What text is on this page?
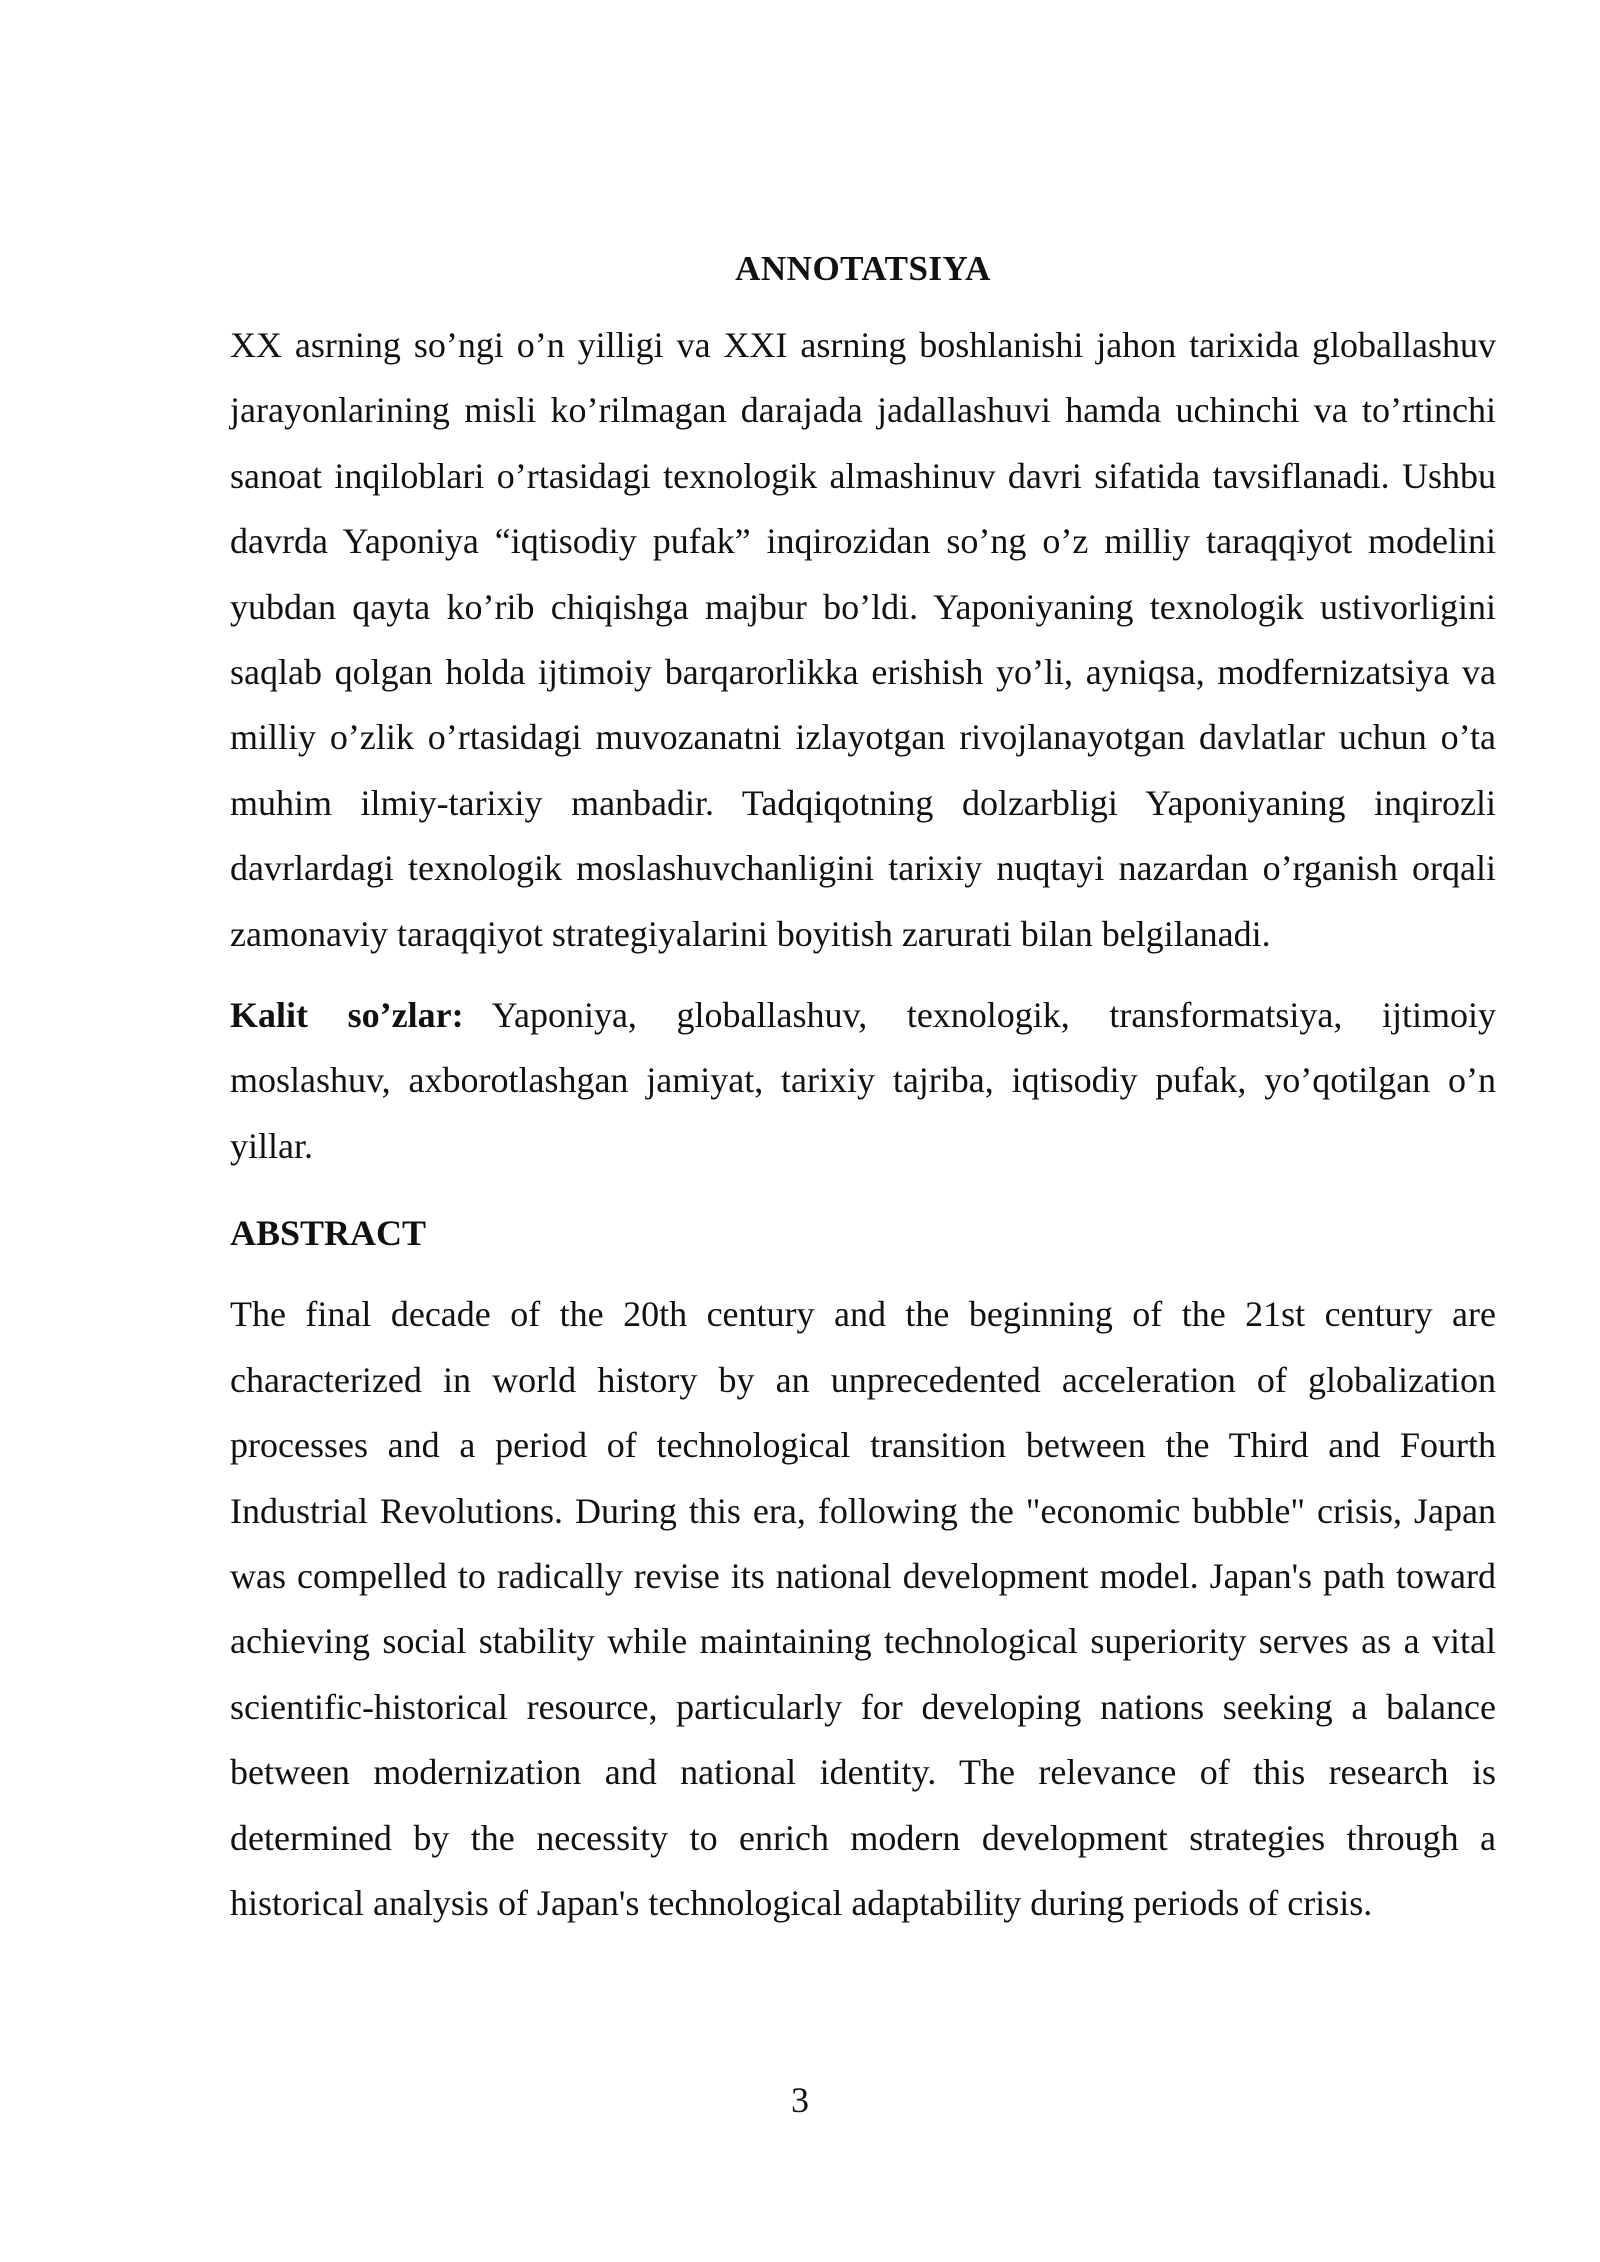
ANNOTATSIYA

XX asrning so’ngi o’n yilligi va XXI asrning boshlanishi jahon tarixida globallashuv jarayonlarining misli ko’rilmagan darajada jadallashuvi hamda uchinchi va to’rtinchi sanoat inqiloblari o’rtasidagi texnologik almashinuv davri sifatida tavsiflanadi. Ushbu davrda Yaponiya “iqtisodiy pufak” inqirozidan so’ng o’z milliy taraqqiyot modelini yubdan qayta ko’rib chiqishga majbur bo’ldi. Yaponiyaning texnologik ustivorligini saqlab qolgan holda ijtimoiy barqarorlikka erishish yo’li, ayniqsa, modfernizatsiya va milliy o’zlik o’rtasidagi muvozanatni izlayotgan rivojlanayotgan davlatlar uchun o’ta muhim ilmiy-tarixiy manbadir. Tadqiqotning dolzarbligi Yaponiyaning inqirozli davrlardagi texnologik moslashuvchanligini tarixiy nuqtayi nazardan o’rganish orqali zamonaviy taraqqiyot strategiyalarini boyitish zarurati bilan belgilanadi.

Kalit so’zlar: Yaponiya, globallashuv, texnologik, transformatsiya, ijtimoiy moslashuv, axborotlashgan jamiyat, tarixiy tajriba, iqtisodiy pufak, yo’qotilgan o’n yillar.

ABSTRACT

The final decade of the 20th century and the beginning of the 21st century are characterized in world history by an unprecedented acceleration of globalization processes and a period of technological transition between the Third and Fourth Industrial Revolutions. During this era, following the "economic bubble" crisis, Japan was compelled to radically revise its national development model. Japan's path toward achieving social stability while maintaining technological superiority serves as a vital scientific-historical resource, particularly for developing nations seeking a balance between modernization and national identity. The relevance of this research is determined by the necessity to enrich modern development strategies through a historical analysis of Japan's technological adaptability during periods of crisis.

3
